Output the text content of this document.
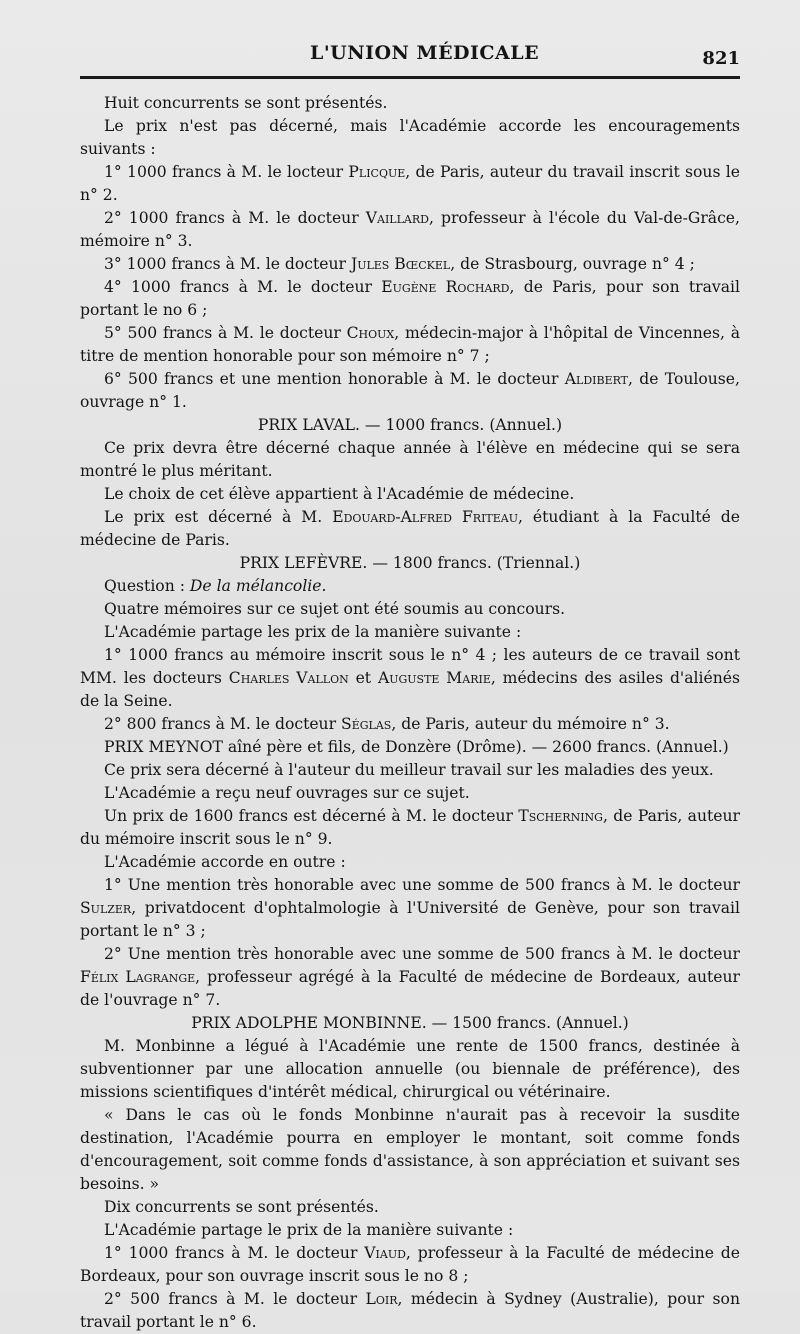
L'UNION MÉDICALE	821

Huit concurrents se sont présentés.

Le prix n'est pas décerné, mais l'Académie accorde les encouragements suivants :

1° 1000 francs à M. le locteur Plicque, de Paris, auteur du travail inscrit sous le n° 2.

2° 1000 francs à M. le docteur Vaillard, professeur à l'école du Val-de-Grâce, mémoire n° 3.

3° 1000 francs à M. le docteur Jules Bœckel, de Strasbourg, ouvrage n° 4 ;

4° 1000 francs à M. le docteur Eugène Rochard, de Paris, pour son travail portant le no 6 ;

5° 500 francs à M. le docteur Choux, médecin-major à l'hôpital de Vincennes, à titre de mention honorable pour son mémoire n° 7 ;

6° 500 francs et une mention honorable à M. le docteur Aldibert, de Toulouse, ouvrage n° 1.

PRIX LAVAL. — 1000 francs. (Annuel.)

Ce prix devra être décerné chaque année à l'élève en médecine qui se sera montré le plus méritant.

Le choix de cet élève appartient à l'Académie de médecine.

Le prix est décerné à M. Edouard-Alfred Friteau, étudiant à la Faculté de médecine de Paris.

PRIX LEFÈVRE. — 1800 francs. (Triennal.)

Question : De la mélancolie.

Quatre mémoires sur ce sujet ont été soumis au concours.

L'Académie partage les prix de la manière suivante :

1° 1000 francs au mémoire inscrit sous le n° 4 ; les auteurs de ce travail sont MM. les docteurs Charles Vallon et Auguste Marie, médecins des asiles d'aliénés de la Seine.

2° 800 francs à M. le docteur Séglas, de Paris, auteur du mémoire n° 3.

PRIX MEYNOT aîné père et fils, de Donzère (Drôme). — 2600 francs. (Annuel.)

Ce prix sera décerné à l'auteur du meilleur travail sur les maladies des yeux.

L'Académie a reçu neuf ouvrages sur ce sujet.

Un prix de 1600 francs est décerné à M. le docteur Tscherning, de Paris, auteur du mémoire inscrit sous le n° 9.

L'Académie accorde en outre :

1° Une mention très honorable avec une somme de 500 francs à M. le docteur Sulzer, privatdocent d'ophtalmologie à l'Université de Genève, pour son travail portant le n° 3 ;

2° Une mention très honorable avec une somme de 500 francs à M. le docteur Félix Lagrange, professeur agrégé à la Faculté de médecine de Bordeaux, auteur de l'ouvrage n° 7.

PRIX ADOLPHE MONBINNE. — 1500 francs. (Annuel.)

M. Monbinne a légué à l'Académie une rente de 1500 francs, destinée à subventionner par une allocation annuelle (ou biennale de préférence), des missions scientifiques d'intérêt médical, chirurgical ou vétérinaire.

« Dans le cas où le fonds Monbinne n'aurait pas à recevoir la susdite destination, l'Académie pourra en employer le montant, soit comme fonds d'encouragement, soit comme fonds d'assistance, à son appréciation et suivant ses besoins. »

Dix concurrents se sont présentés.

L'Académie partage le prix de la manière suivante :

1° 1000 francs à M. le docteur Viaud, professeur à la Faculté de médecine de Bordeaux, pour son ouvrage inscrit sous le no 8 ;

2° 500 francs à M. le docteur Loir, médecin à Sydney (Australie), pour son travail portant le n° 6.
